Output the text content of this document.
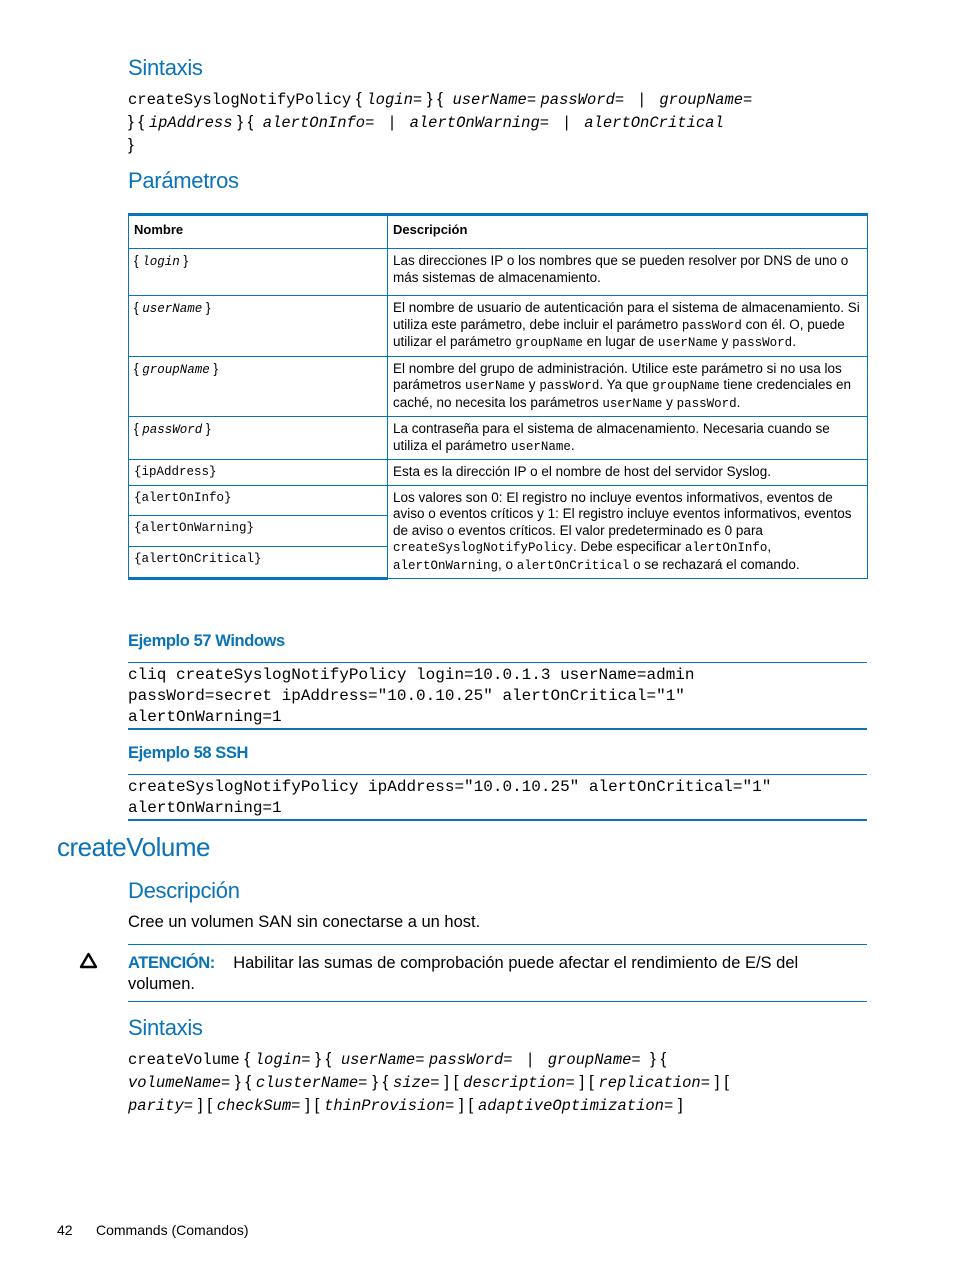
Sintaxis
createSyslogNotifyPolicy { login= } {  userName= passWord= | groupName=
} { ipAddress } {  alertOnInfo= | alertOnWarning= | alertOnCritical
}
Parámetros
Nombre	Descripción
{ login }	Las direcciones IP o los nombres que se pueden resolver por DNS de uno o más sistemas de almacenamiento.
{ userName }	El nombre de usuario de autenticación para el sistema de almacenamiento. Si utiliza este parámetro, debe incluir el parámetro passWord con él. O, puede utilizar el parámetro groupName en lugar de userName y passWord.
{ groupName }	El nombre del grupo de administración. Utilice este parámetro si no usa los parámetros userName y passWord. Ya que groupName tiene credenciales en caché, no necesita los parámetros userName y passWord.
{ passWord }	La contraseña para el sistema de almacenamiento. Necesaria cuando se utiliza el parámetro userName.
{ipAddress}	Esta es la dirección IP o el nombre de host del servidor Syslog.
{alertOnInfo}	Los valores son 0: El registro no incluye eventos informativos, eventos de aviso o eventos críticos y 1: El registro incluye eventos informativos, eventos de aviso o eventos críticos. El valor predeterminado es 0 para createSyslogNotifyPolicy. Debe especificar alertOnInfo, alertOnWarning, o alertOnCritical o se rechazará el comando.
{alertOnWarning}	
{alertOnCritical}	
Ejemplo 57 Windows
cliq createSyslogNotifyPolicy login=10.0.1.3 userName=admin
passWord=secret ipAddress="10.0.10.25" alertOnCritical="1"
alertOnWarning=1
Ejemplo 58 SSH
createSyslogNotifyPolicy ipAddress="10.0.10.25" alertOnCritical="1"
alertOnWarning=1
createVolume
Descripción
Cree un volumen SAN sin conectarse a un host.
ATENCIÓN: Habilitar las sumas de comprobación puede afectar el rendimiento de E/S del volumen.
Sintaxis
createVolume { login= } {  userName= passWord= | groupName=  } {
volumeName= } { clusterName= } { size= ] [ description= ] [ replication= ] [
parity= ] [ checkSum= ] [ thinProvision= ] [ adaptiveOptimization= ]
42 Commands (Comandos)
